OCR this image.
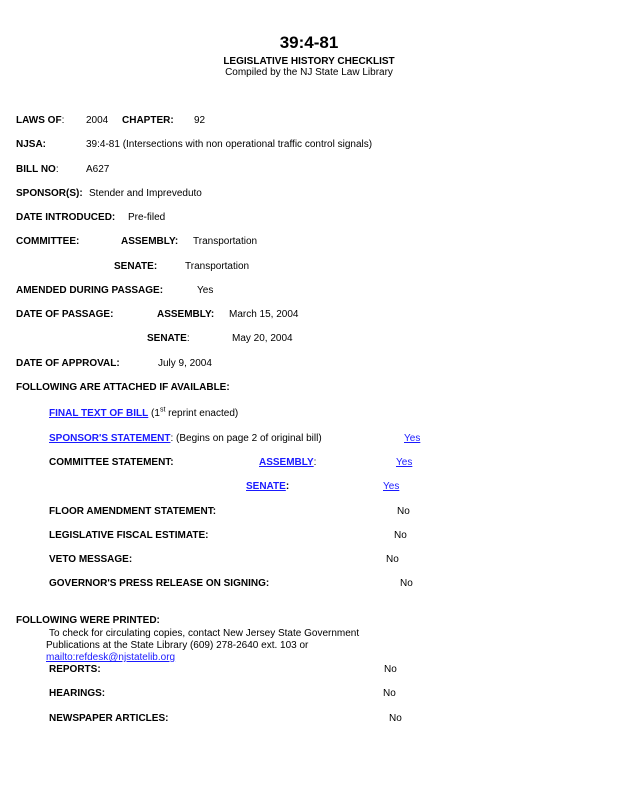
39:4-81
LEGISLATIVE HISTORY CHECKLIST
Compiled by the NJ State Law Library
LAWS OF: 2004 CHAPTER: 92
NJSA:	39:4-81 (Intersections with non operational traffic control signals)
BILL NO:	A627
SPONSOR(S): Stender and Impreveduto
DATE INTRODUCED: Pre-filed
COMMITTEE:	ASSEMBLY: Transportation
SENATE:	Transportation
AMENDED DURING PASSAGE:	Yes
DATE OF PASSAGE:	ASSEMBLY: March 15, 2004
SENATE:	May 20, 2004
DATE OF APPROVAL:	July 9, 2004
FOLLOWING ARE ATTACHED IF AVAILABLE:
FINAL TEXT OF BILL (1st reprint enacted)
SPONSOR'S STATEMENT: (Begins on page 2 of original bill)	Yes
COMMITTEE STATEMENT:	ASSEMBLY:	Yes
SENATE:	Yes
FLOOR AMENDMENT STATEMENT:	No
LEGISLATIVE FISCAL ESTIMATE:	No
VETO MESSAGE:	No
GOVERNOR'S PRESS RELEASE ON SIGNING:	No
FOLLOWING WERE PRINTED:
To check for circulating copies, contact New Jersey State Government
Publications at the State Library (609) 278-2640 ext. 103 or
mailto:refdesk@njstatelib.org
REPORTS:	No
HEARINGS:	No
NEWSPAPER ARTICLES:	No
